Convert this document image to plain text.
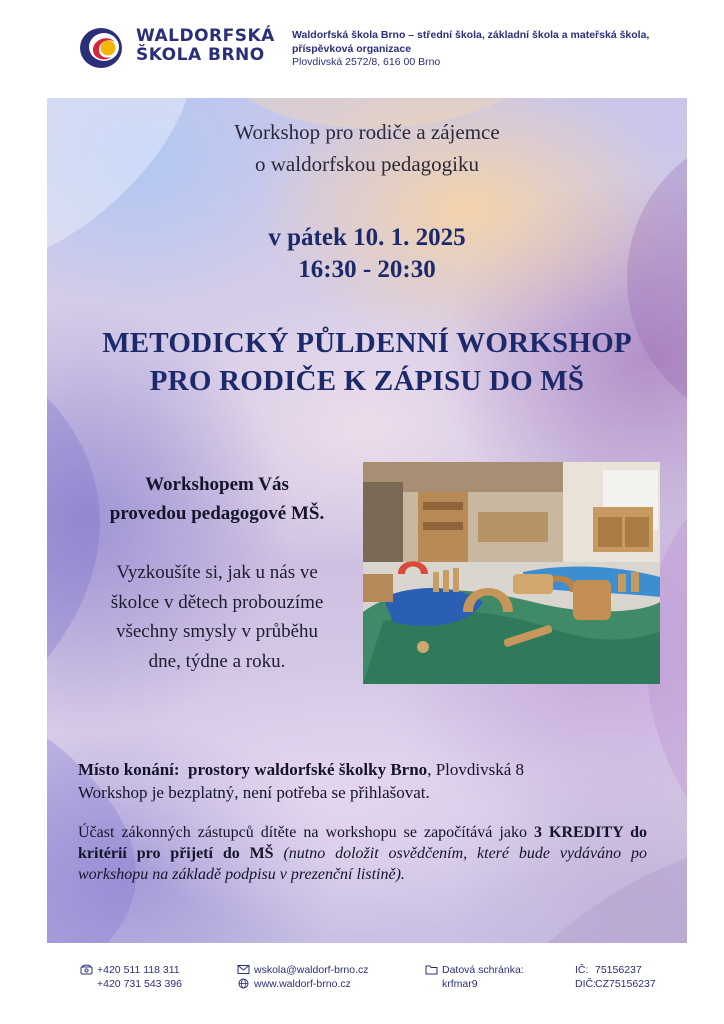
WALDORFSKÁ
ŠKOLA BRNO
Waldorfská škola Brno – střední škola, základní škola a mateřská škola,
příspěvková organizace
Plovdivská 2572/8, 616 00 Brno
Workshop pro rodiče a zájemce
o waldorfskou pedagogiku
v pátek 10. 1. 2025
16:30 - 20:30
METODICKÝ PŮLDENNÍ WORKSHOP
PRO RODIČE K ZÁPISU DO MŠ
Workshopem Vás
provedou pedagogové MŠ.
Vyzkoušíte si, jak u nás ve
školce v dětech probouzíme
všechny smysly v průběhu
dne, týdne a roku.
Místo konání: prostory waldorfské školky Brno, Plovdivská 8
Workshop je bezplatný, není potřeba se přihlašovat.
Účast zákonných zástupců dítěte na workshopu se započítává jako 3 KREDITY do kritérií pro přijetí do MŠ (nutno doložit osvědčením, které bude vydáváno po workshopu na základě podpisu v prezenční listině).
+420 511 118 311
+420 731 543 396
wskola@waldorf-brno.cz
www.waldorf-brno.cz
Datová schránka:
krfmar9
IČ: 75156237
DIČ:CZ75156237
